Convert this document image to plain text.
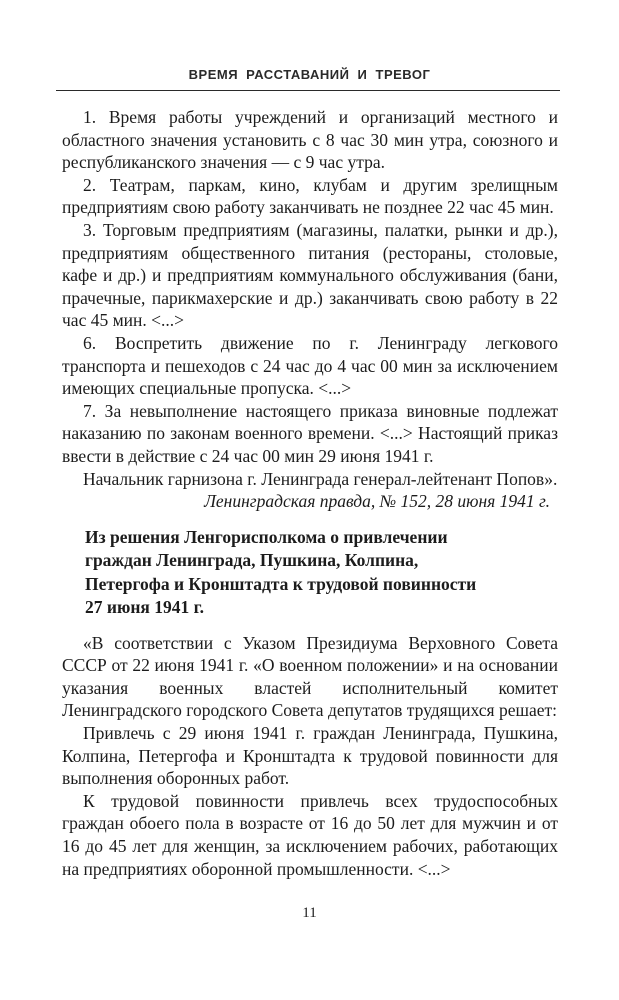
ВРЕМЯ РАССТАВАНИЙ И ТРЕВОГ

1. Время работы учреждений и организаций местного и областного значения установить с 8 час 30 мин утра, союзного и республиканского значения — с 9 час утра.

2. Театрам, паркам, кино, клубам и другим зрелищным предприятиям свою работу заканчивать не позднее 22 час 45 мин.

3. Торговым предприятиям (магазины, палатки, рынки и др.), предприятиям общественного питания (рестораны, столовые, кафе и др.) и предприятиям коммунального обслуживания (бани, прачечные, парикмахерские и др.) заканчивать свою работу в 22 час 45 мин. <...>

6. Воспретить движение по г. Ленинграду легкового транспорта и пешеходов с 24 час до 4 час 00 мин за исключением имеющих специальные пропуска. <...>

7. За невыполнение настоящего приказа виновные подлежат наказанию по законам военного времени. <...> Настоящий приказ ввести в действие с 24 час 00 мин 29 июня 1941 г.

Начальник гарнизона г. Ленинграда генерал-лейтенант Попов».

Ленинградская правда, № 152, 28 июня 1941 г.

Из решения Ленгорисполкома о привлечении
граждан Ленинграда, Пушкина, Колпина,
Петергофа и Кронштадта к трудовой повинности
27 июня 1941 г.

«В соответствии с Указом Президиума Верховного Совета СССР от 22 июня 1941 г. «О военном положении» и на основании указания военных властей исполнительный комитет Ленинградского городского Совета депутатов трудящихся решает:

Привлечь с 29 июня 1941 г. граждан Ленинграда, Пушкина, Колпина, Петергофа и Кронштадта к трудовой повинности для выполнения оборонных работ.

К трудовой повинности привлечь всех трудоспособных граждан обоего пола в возрасте от 16 до 50 лет для мужчин и от 16 до 45 лет для женщин, за исключением рабочих, работающих на предприятиях оборонной промышленности. <...>

11
